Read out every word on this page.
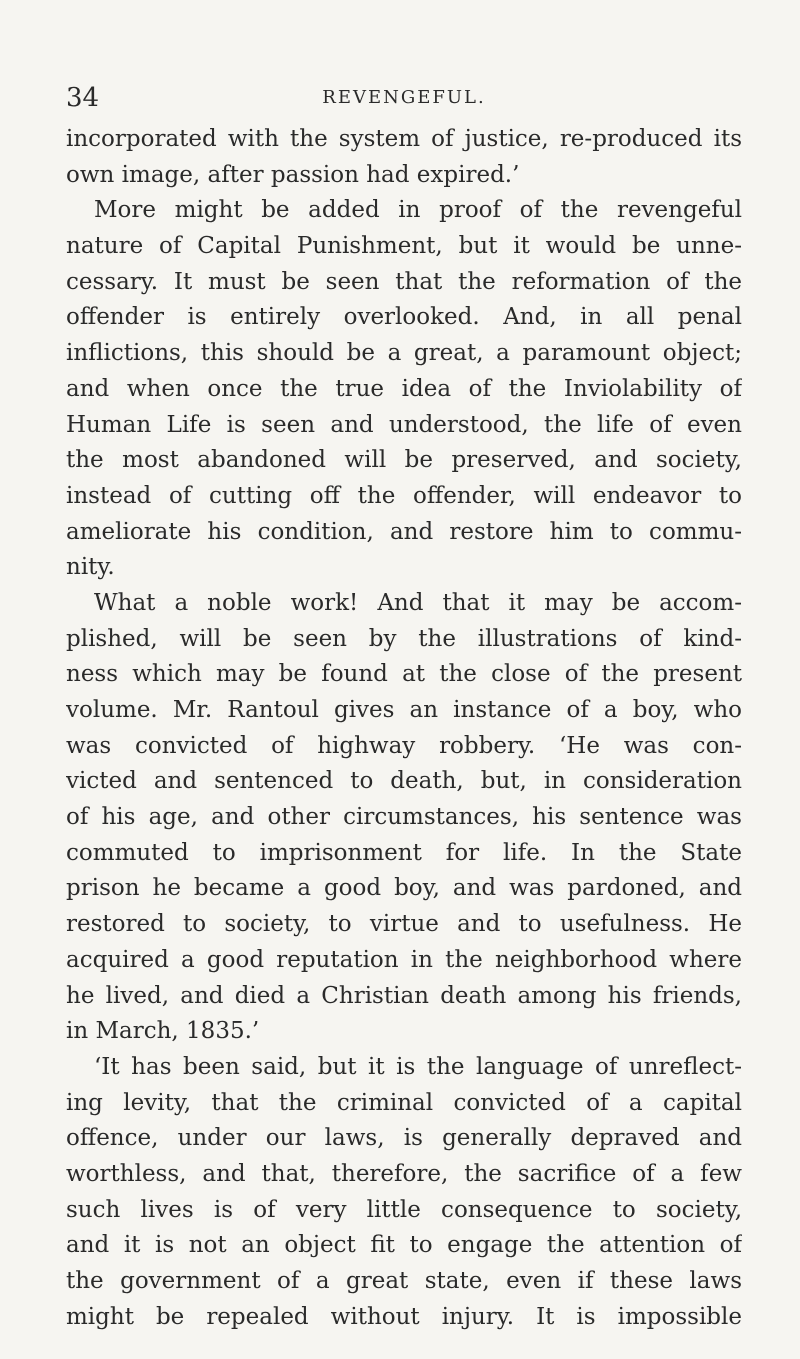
34	REVENGEFUL.
incorporated with the system of justice, re-produced its
own image, after passion had expired.’
More might be added in proof of the revengeful
nature of Capital Punishment, but it would be unne-
cessary. It must be seen that the reformation of the
offender is entirely overlooked. And, in all penal
inflictions, this should be a great, a paramount object;
and when once the true idea of the Inviolability of
Human Life is seen and understood, the life of even
the most abandoned will be preserved, and society,
instead of cutting off the offender, will endeavor to
ameliorate his condition, and restore him to commu-
nity.
What a noble work! And that it may be accom-
plished, will be seen by the illustrations of kind-
ness which may be found at the close of the present
volume. Mr. Rantoul gives an instance of a boy, who
was convicted of highway robbery. ‘He was con-
victed and sentenced to death, but, in consideration
of his age, and other circumstances, his sentence was
commuted to imprisonment for life. In the State
prison he became a good boy, and was pardoned, and
restored to society, to virtue and to usefulness. He
acquired a good reputation in the neighborhood where
he lived, and died a Christian death among his friends,
in March, 1835.’
‘It has been said, but it is the language of unreflect-
ing levity, that the criminal convicted of a capital
offence, under our laws, is generally depraved and
worthless, and that, therefore, the sacrifice of a few
such lives is of very little consequence to society,
and it is not an object fit to engage the attention of
the government of a great state, even if these laws
might be repealed without injury. It is impossible
